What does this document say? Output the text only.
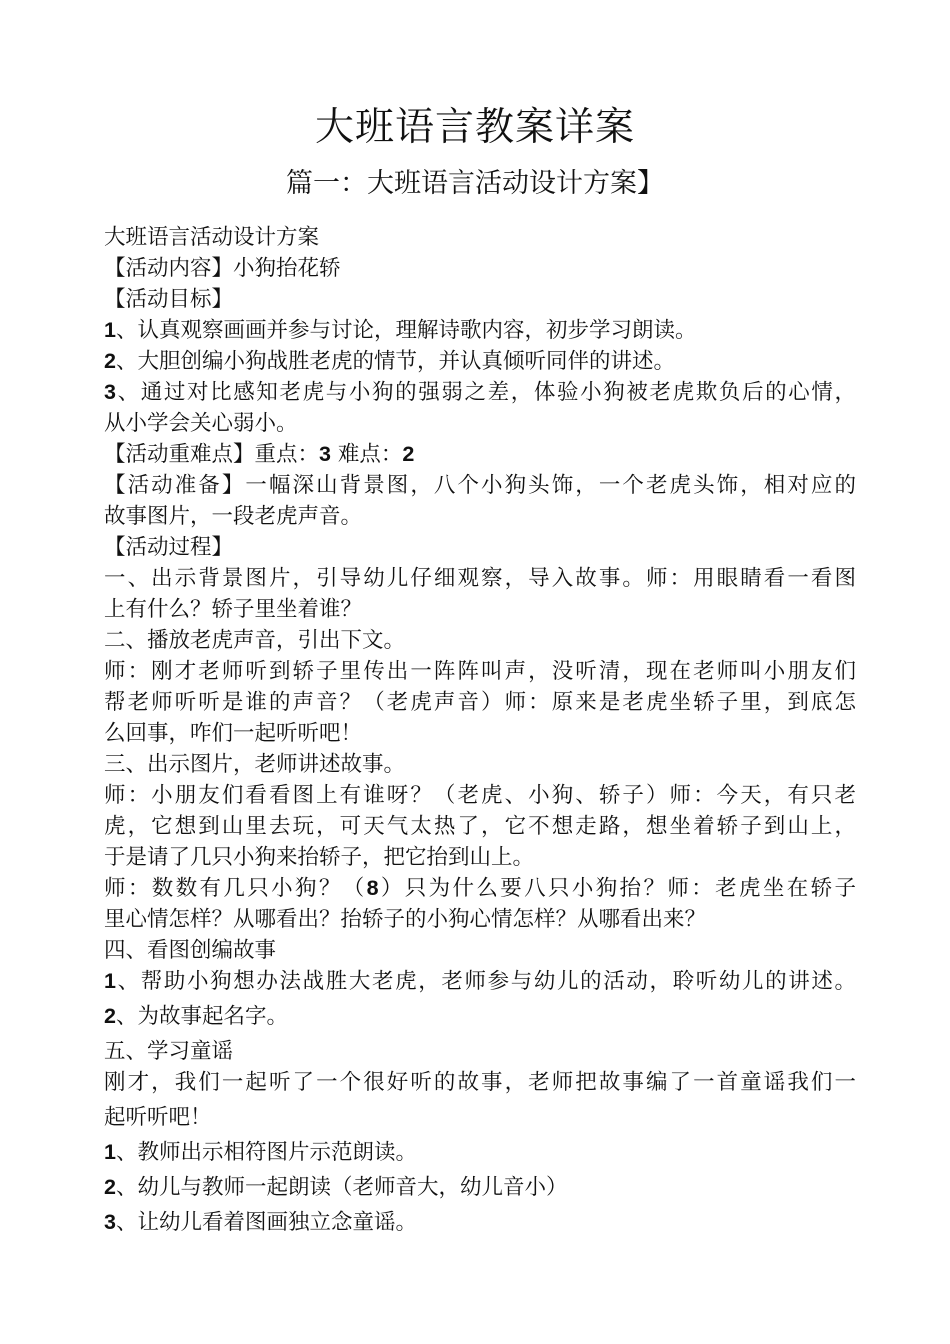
大班语言教案详案
篇一：大班语言活动设计方案】
大班语言活动设计方案
【活动内容】小狗抬花轿
【活动目标】
1、认真观察画画并参与讨论，理解诗歌内容，初步学习朗读。
2、大胆创编小狗战胜老虎的情节，并认真倾听同伴的讲述。
3、通过对比感知老虎与小狗的强弱之差，体验小狗被老虎欺负后的心情，
从小学会关心弱小。
【活动重难点】重点：3 难点：2
【活动准备】一幅深山背景图，八个小狗头饰，一个老虎头饰，相对应的
故事图片，一段老虎声音。
【活动过程】
一、出示背景图片，引导幼儿仔细观察，导入故事。师：用眼睛看一看图
上有什么？轿子里坐着谁？
二、播放老虎声音，引出下文。
师：刚才老师听到轿子里传出一阵阵叫声，没听清，现在老师叫小朋友们
帮老师听听是谁的声音？（老虎声音）师：原来是老虎坐轿子里，到底怎
么回事，咋们一起听听吧！
三、出示图片，老师讲述故事。
师：小朋友们看看图上有谁呀？（老虎、小狗、轿子）师：今天，有只老
虎，它想到山里去玩，可天气太热了，它不想走路，想坐着轿子到山上，
于是请了几只小狗来抬轿子，把它抬到山上。
师：数数有几只小狗？（8）只为什么要八只小狗抬？师：老虎坐在轿子
里心情怎样？从哪看出？抬轿子的小狗心情怎样？从哪看出来？
四、看图创编故事
1、帮助小狗想办法战胜大老虎，老师参与幼儿的活动，聆听幼儿的讲述。
2、为故事起名字。
五、学习童谣
刚才，我们一起听了一个很好听的故事，老师把故事编了一首童谣我们一
起听听吧！
1、教师出示相符图片示范朗读。
2、幼儿与教师一起朗读（老师音大，幼儿音小）
3、让幼儿看着图画独立念童谣。
